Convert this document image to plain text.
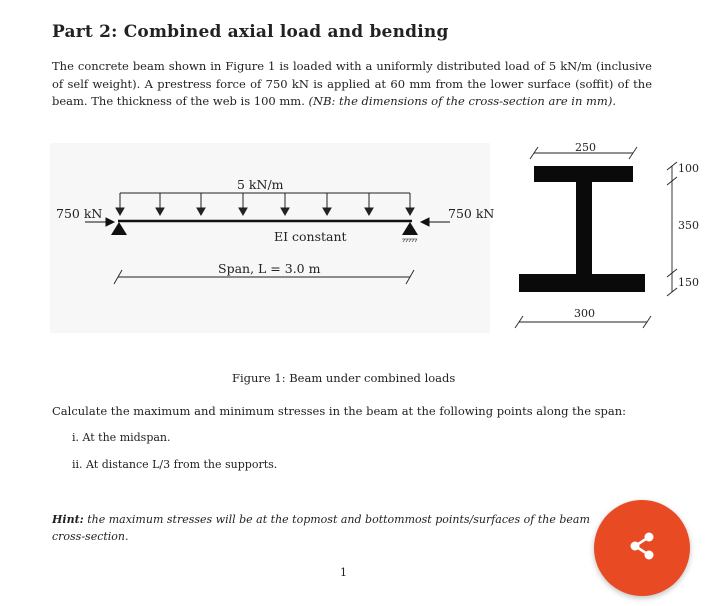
Part 2: Combined axial load and bending
The concrete beam shown in Figure 1 is loaded with a uniformly distributed load of 5 kN/m (inclusive of self weight). A prestress force of 750 kN is applied at 60 mm from the lower surface (soffit) of the beam. The thickness of the web is 100 mm. (NB: the dimensions of the cross-section are in mm).
5 kN/m
750 kN	750 kN
EI constant
Span, L = 3.0 m
250
300
100
350
150
Figure 1: Beam under combined loads
Calculate the maximum and minimum stresses in the beam at the following points along the span:
i. At the midspan.
ii. At distance L/3 from the supports.
Hint: the maximum stresses will be at the topmost and bottommost points/surfaces of the beam cross-section.
1
